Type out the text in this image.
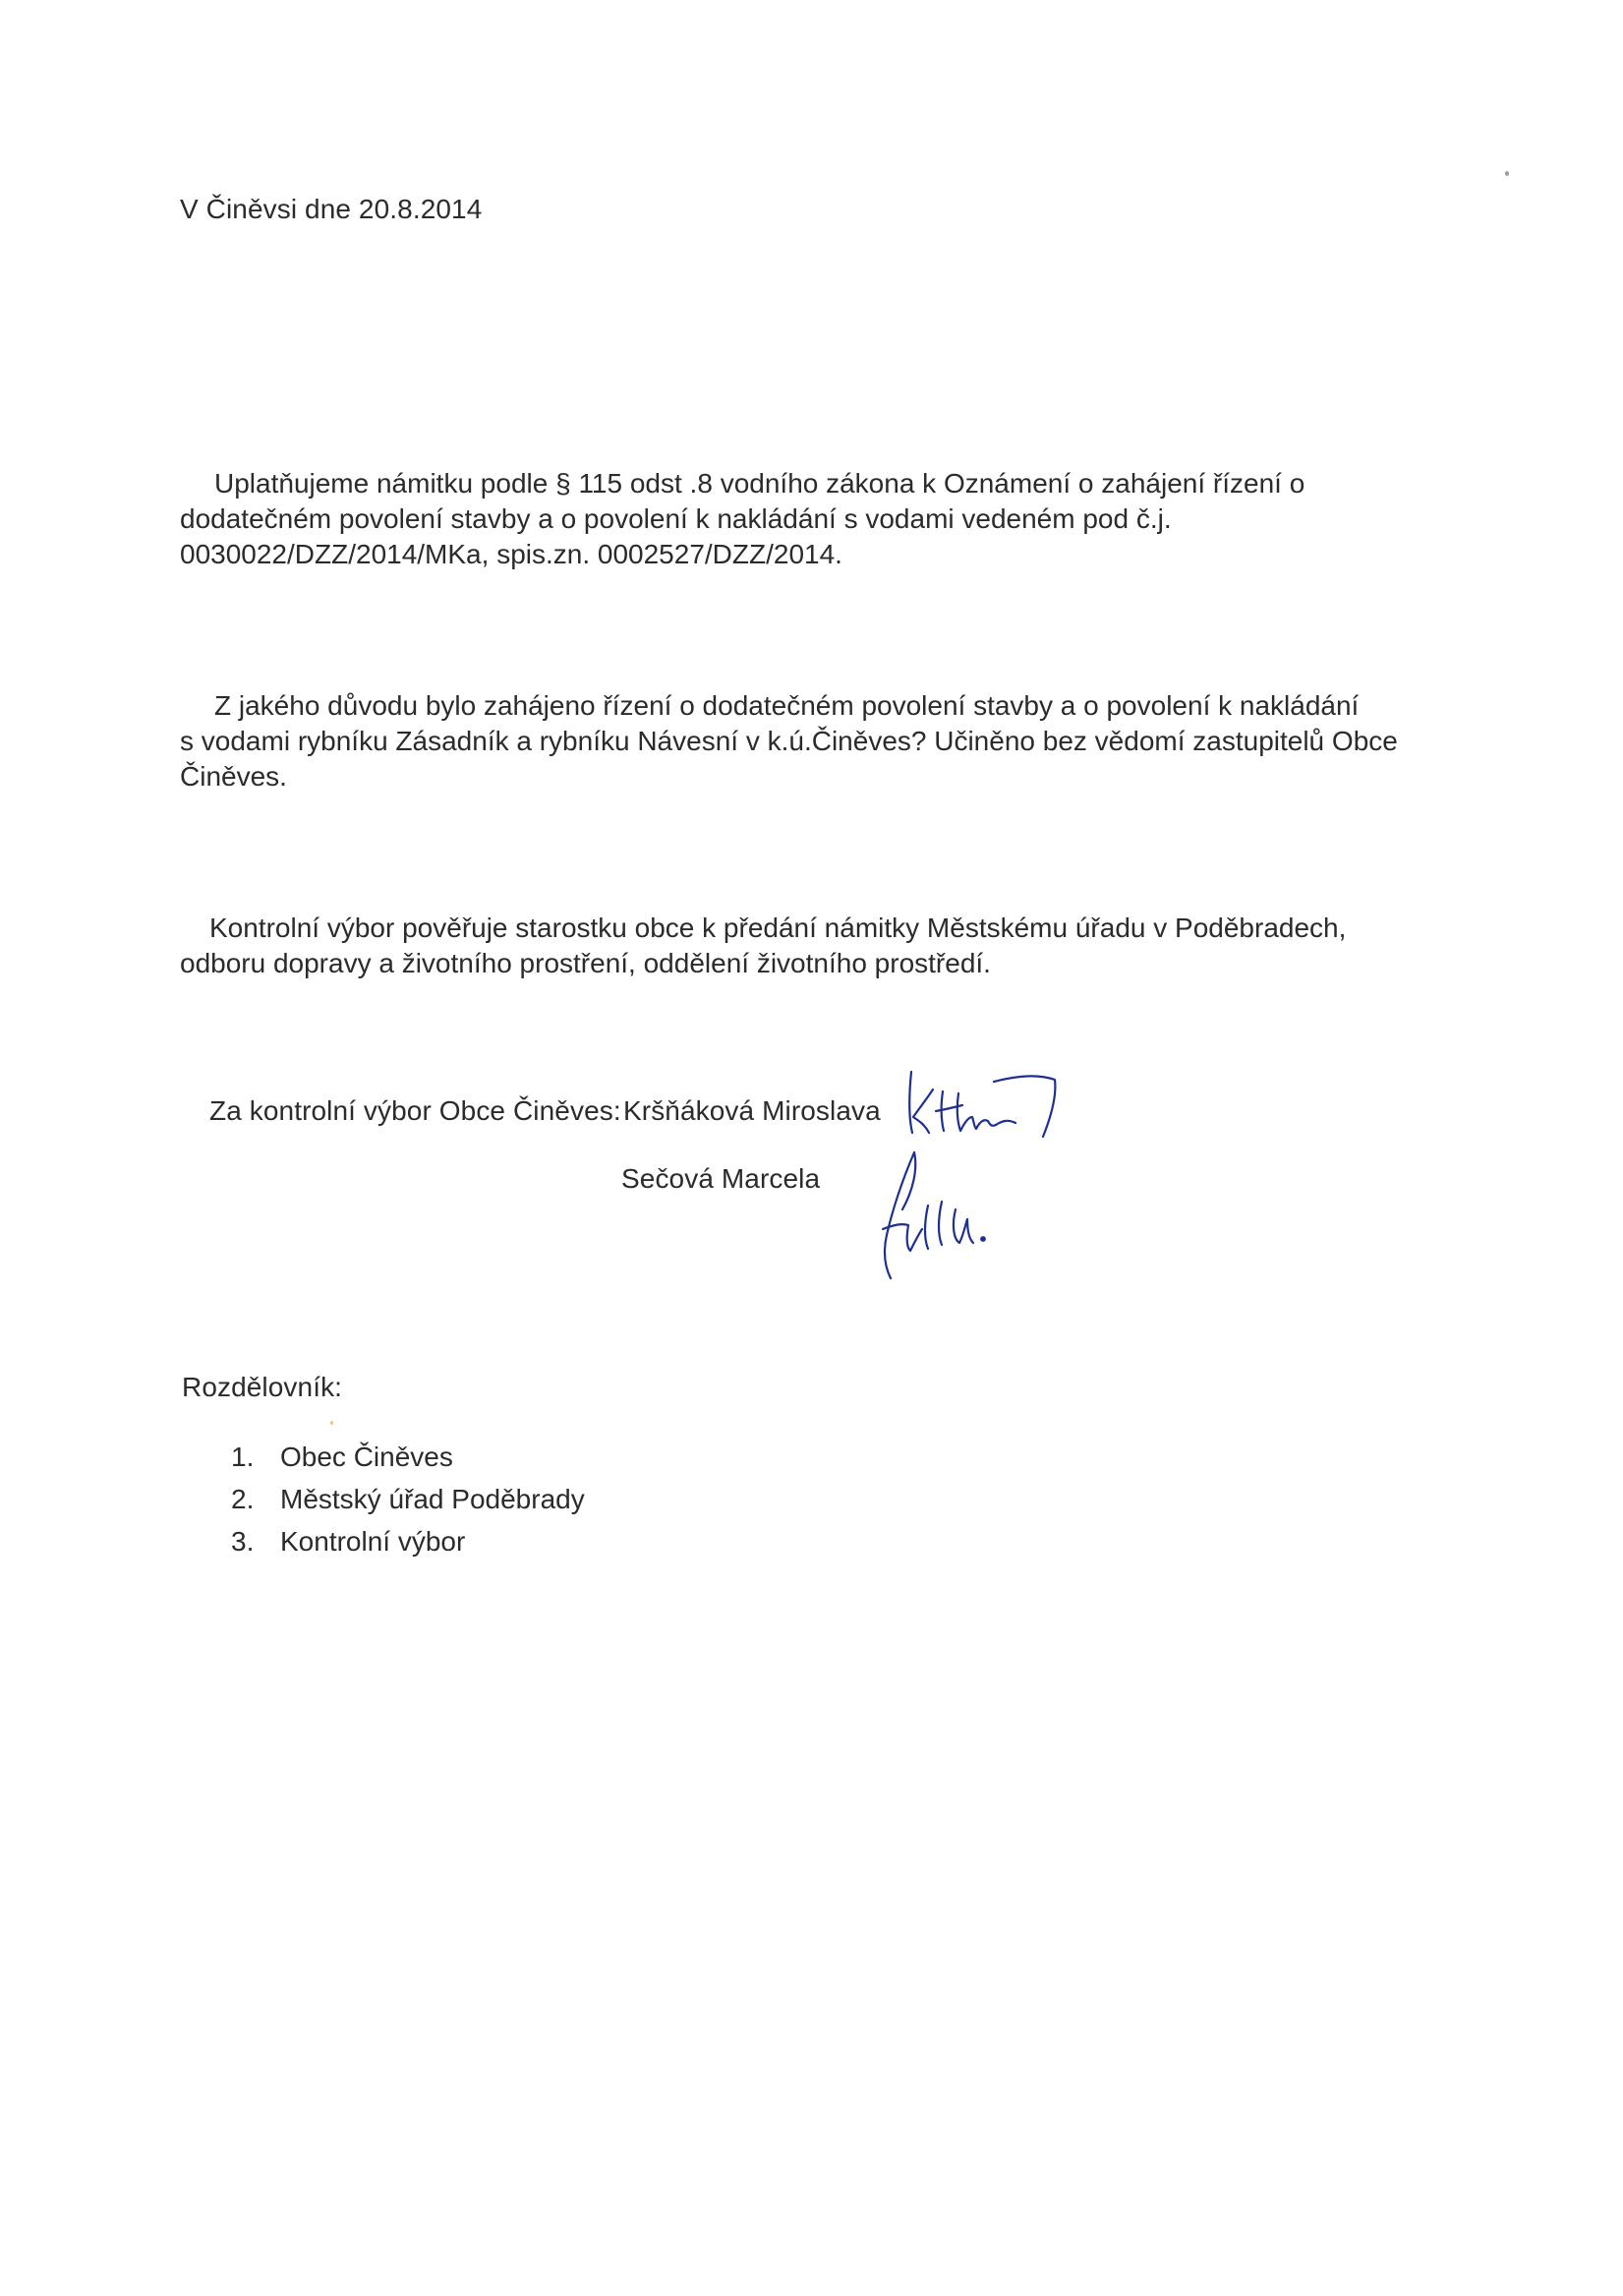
V Činěvsi dne 20.8.2014
Uplatňujeme námitku podle § 115 odst .8 vodního zákona k Oznámení o zahájení řízení o
dodatečném povolení stavby a o povolení k nakládání s vodami vedeném pod č.j.
0030022/DZZ/2014/MKa, spis.zn. 0002527/DZZ/2014.
Z jakého důvodu bylo zahájeno řízení o dodatečném povolení stavby a o povolení k nakládání
s vodami rybníku Zásadník a rybníku Návesní v k.ú.Činěves? Učiněno bez vědomí zastupitelů Obce
Činěves.
Kontrolní výbor pověřuje starostku obce k předání námitky Městskému úřadu v Poděbradech,
odboru dopravy a životního prostření, oddělení životního prostředí.
Za kontrolní výbor Obce Činěves: Kršňáková Miroslava
Sečová Marcela
Rozdělovník:
1. Obec Činěves
2. Městský úřad Poděbrady
3. Kontrolní výbor
